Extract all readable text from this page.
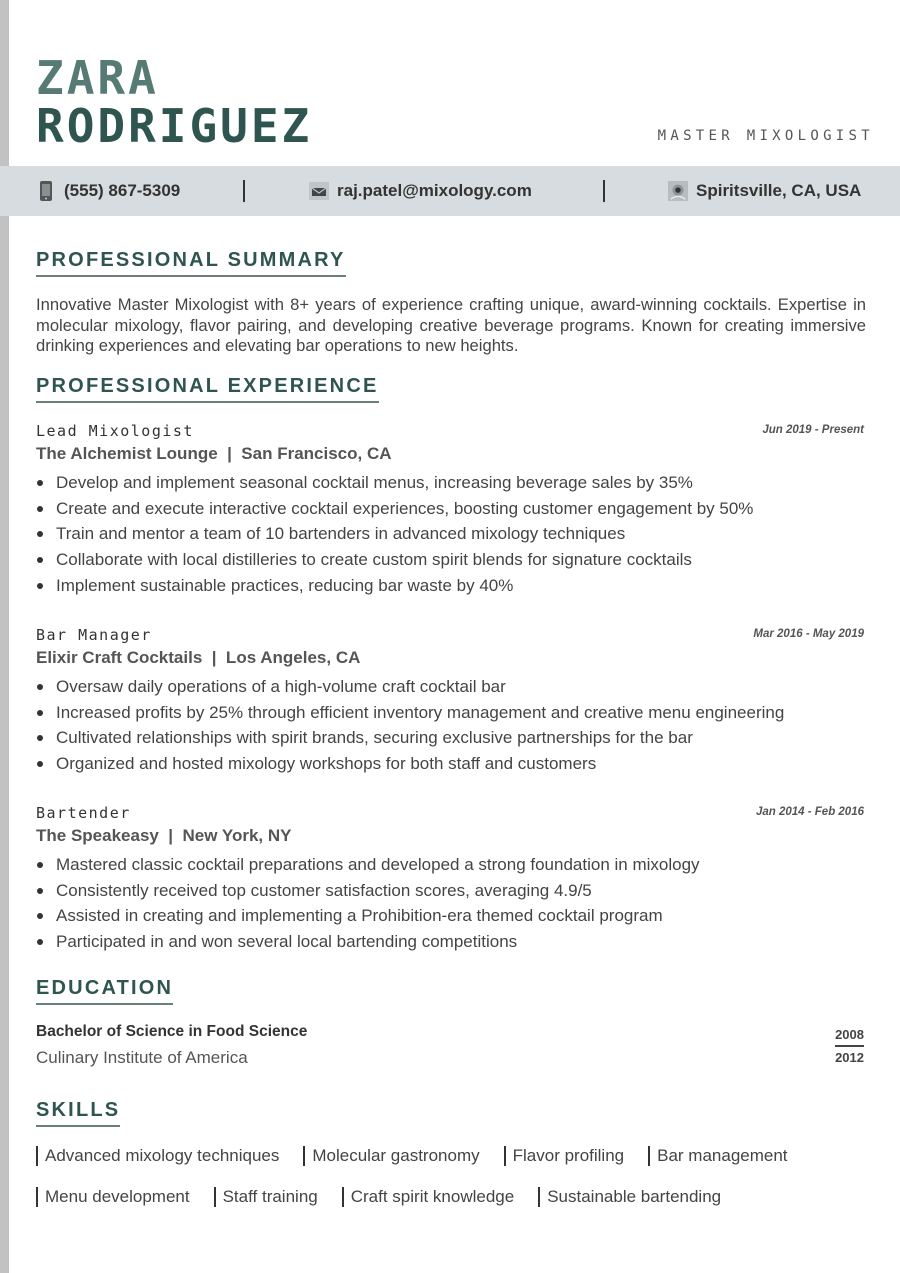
ZARA
RODRIGUEZ	MASTER MIXOLOGIST
(555) 867-5309	raj.patel@mixology.com	Spiritsville, CA, USA
PROFESSIONAL SUMMARY
Innovative Master Mixologist with 8+ years of experience crafting unique, award-winning cocktails. Expertise in molecular mixology, flavor pairing, and developing creative beverage programs. Known for creating immersive drinking experiences and elevating bar operations to new heights.
PROFESSIONAL EXPERIENCE
Lead Mixologist	Jun 2019 - Present
The Alchemist Lounge  |  San Francisco, CA
Develop and implement seasonal cocktail menus, increasing beverage sales by 35%
Create and execute interactive cocktail experiences, boosting customer engagement by 50%
Train and mentor a team of 10 bartenders in advanced mixology techniques
Collaborate with local distilleries to create custom spirit blends for signature cocktails
Implement sustainable practices, reducing bar waste by 40%
Bar Manager	Mar 2016 - May 2019
Elixir Craft Cocktails  |  Los Angeles, CA
Oversaw daily operations of a high-volume craft cocktail bar
Increased profits by 25% through efficient inventory management and creative menu engineering
Cultivated relationships with spirit brands, securing exclusive partnerships for the bar
Organized and hosted mixology workshops for both staff and customers
Bartender	Jan 2014 - Feb 2016
The Speakeasy  |  New York, NY
Mastered classic cocktail preparations and developed a strong foundation in mixology
Consistently received top customer satisfaction scores, averaging 4.9/5
Assisted in creating and implementing a Prohibition-era themed cocktail program
Participated in and won several local bartending competitions
EDUCATION
Bachelor of Science in Food Science
Culinary Institute of America
2008
2012
SKILLS
Advanced mixology techniques Molecular gastronomy Flavor profiling Bar management
Menu development Staff training Craft spirit knowledge Sustainable bartending
